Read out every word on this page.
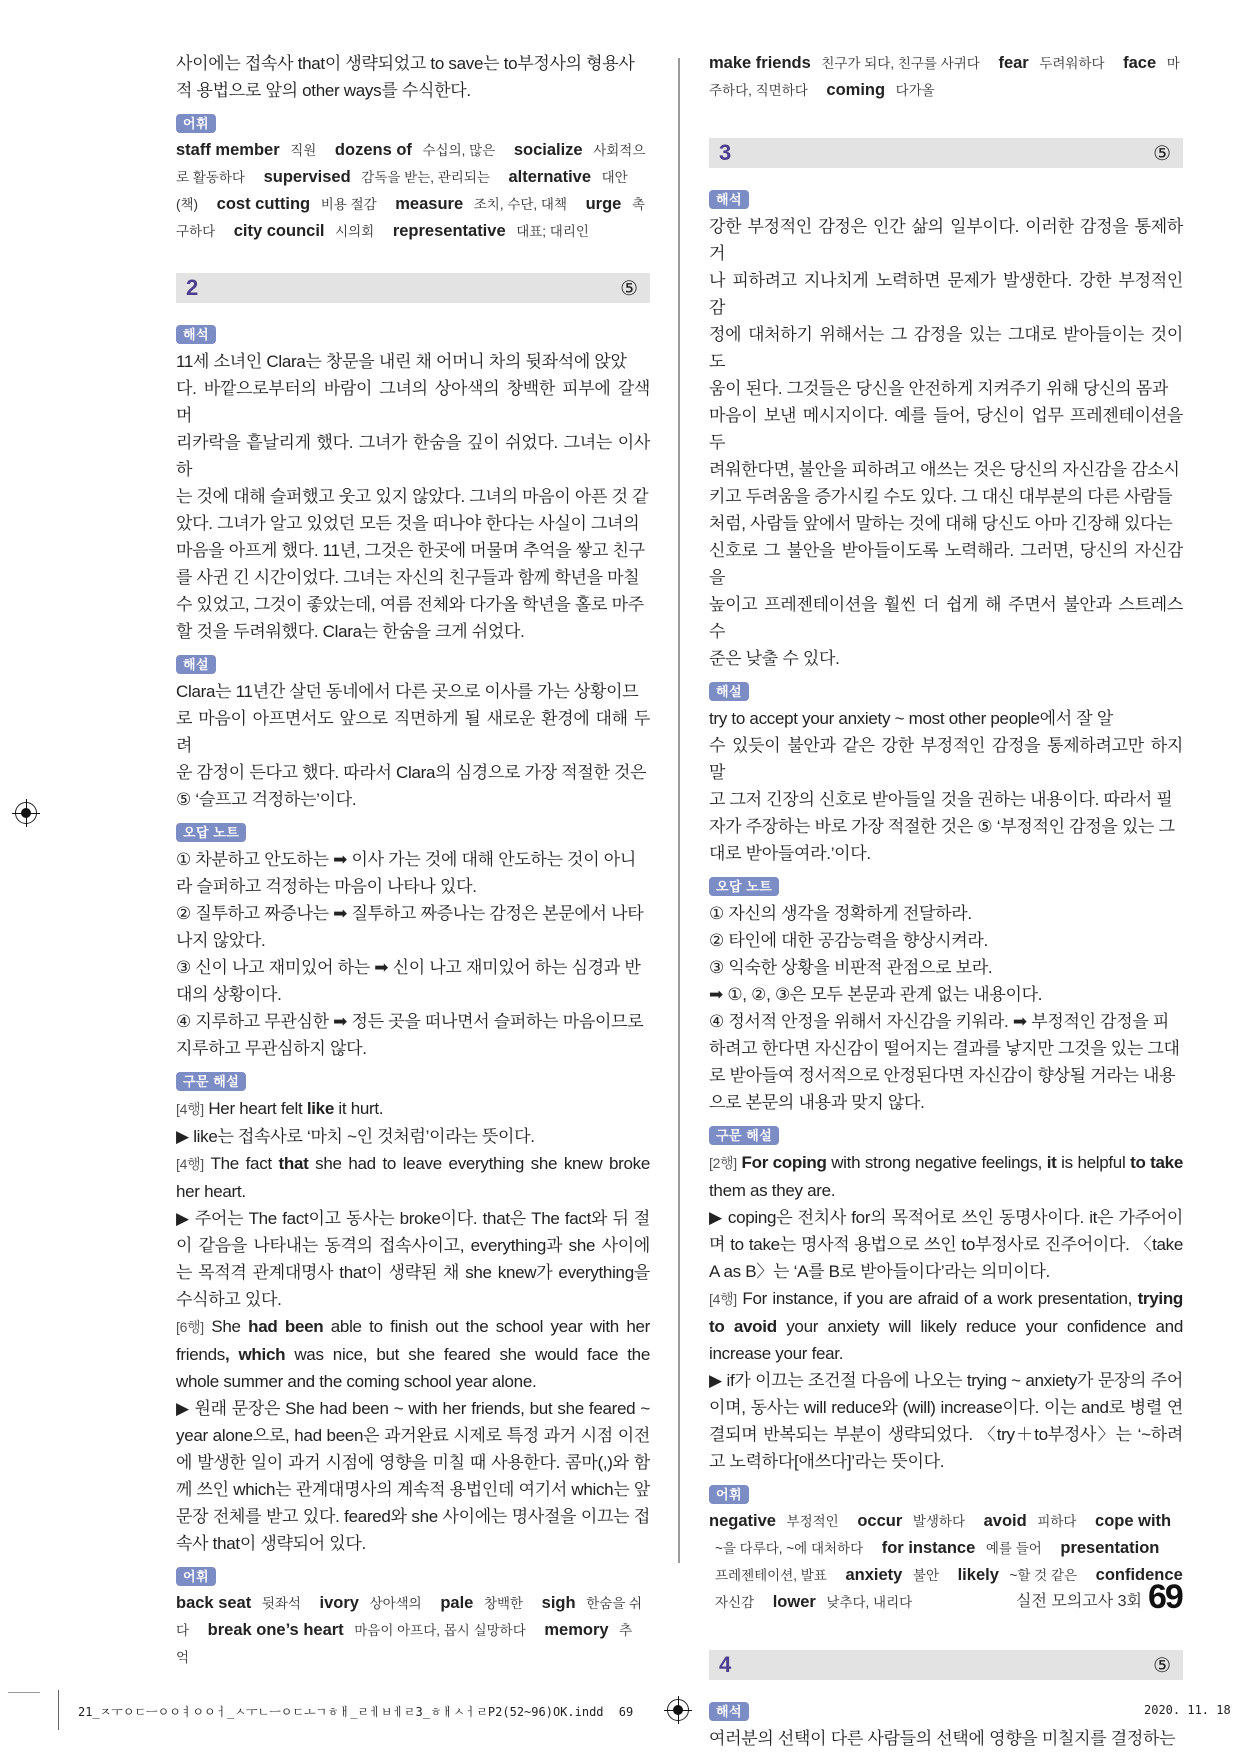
사이에는 접속사 that이 생략되었고 to save는 to부정사의 형용사
적 용법으로 앞의 other ways를 수식한다.
어휘
staff member 직원 dozens of 수십의, 많은 socialize 사회적으로 활동하다 supervised 감독을 받는, 관리되는 alternative 대안(책) cost cutting 비용 절감 measure 조치, 수단, 대책 urge 촉구하다 city council 시의회 representative 대표; 대리인
2	⑤
해석
11세 소녀인 Clara는 창문을 내린 채 어머니 차의 뒷좌석에 앉았
다. 바깥으로부터의 바람이 그녀의 상아색의 창백한 피부에 갈색 머
리카락을 흩날리게 했다. 그녀가 한숨을 깊이 쉬었다. 그녀는 이사하
는 것에 대해 슬퍼했고 웃고 있지 않았다. 그녀의 마음이 아픈 것 같
았다. 그녀가 알고 있었던 모든 것을 떠나야 한다는 사실이 그녀의
마음을 아프게 했다. 11년, 그것은 한곳에 머물며 추억을 쌓고 친구
를 사귄 긴 시간이었다. 그녀는 자신의 친구들과 함께 학년을 마칠
수 있었고, 그것이 좋았는데, 여름 전체와 다가올 학년을 홀로 마주
할 것을 두려워했다. Clara는 한숨을 크게 쉬었다.
해설
Clara는 11년간 살던 동네에서 다른 곳으로 이사를 가는 상황이므
로 마음이 아프면서도 앞으로 직면하게 될 새로운 환경에 대해 두려
운 감정이 든다고 했다. 따라서 Clara의 심경으로 가장 적절한 것은
⑤ ‘슬프고 걱정하는’이다.
오답 노트
① 차분하고 안도하는 ➡ 이사 가는 것에 대해 안도하는 것이 아니
라 슬퍼하고 걱정하는 마음이 나타나 있다.
② 질투하고 짜증나는 ➡ 질투하고 짜증나는 감정은 본문에서 나타
나지 않았다.
③ 신이 나고 재미있어 하는 ➡ 신이 나고 재미있어 하는 심경과 반
대의 상황이다.
④ 지루하고 무관심한 ➡ 정든 곳을 떠나면서 슬퍼하는 마음이므로
지루하고 무관심하지 않다.
구문 해설
[4행] Her heart felt like it hurt.
▶ like는 접속사로 ‘마치 ~인 것처럼’이라는 뜻이다.
[4행] The fact that she had to leave everything she knew broke her heart.
▶ 주어는 The fact이고 동사는 broke이다. that은 The fact와 뒤 절이 같음을 나타내는 동격의 접속사이고, everything과 she 사이에는 목적격 관계대명사 that이 생략된 채 she knew가 everything을 수식하고 있다.
[6행] She had been able to finish out the school year with her friends, which was nice, but she feared she would face the whole summer and the coming school year alone.
▶ 원래 문장은 She had been ~ with her friends, but she feared ~ year alone으로, had been은 과거완료 시제로 특정 과거 시점 이전에 발생한 일이 과거 시점에 영향을 미칠 때 사용한다. 콤마(,)와 함께 쓰인 which는 관계대명사의 계속적 용법인데 여기서 which는 앞 문장 전체를 받고 있다. feared와 she 사이에는 명사절을 이끄는 접속사 that이 생략되어 있다.
어휘
back seat 뒷좌석 ivory 상아색의 pale 창백한 sigh 한숨을 쉬다 break one’s heart 마음이 아프다, 몹시 실망하다 memory 추억
make friends 친구가 되다, 친구를 사귀다 fear 두려워하다 face 마주하다, 직면하다 coming 다가올
3	⑤
해석
강한 부정적인 감정은 인간 삶의 일부이다. 이러한 감정을 통제하거
나 피하려고 지나치게 노력하면 문제가 발생한다. 강한 부정적인 감
정에 대처하기 위해서는 그 감정을 있는 그대로 받아들이는 것이 도
움이 된다. 그것들은 당신을 안전하게 지켜주기 위해 당신의 몸과
마음이 보낸 메시지이다. 예를 들어, 당신이 업무 프레젠테이션을 두
려워한다면, 불안을 피하려고 애쓰는 것은 당신의 자신감을 감소시
키고 두려움을 증가시킬 수도 있다. 그 대신 대부분의 다른 사람들
처럼, 사람들 앞에서 말하는 것에 대해 당신도 아마 긴장해 있다는
신호로 그 불안을 받아들이도록 노력해라. 그러면, 당신의 자신감을
높이고 프레젠테이션을 훨씬 더 쉽게 해 주면서 불안과 스트레스 수
준은 낮출 수 있다.
해설
try to accept your anxiety ~ most other people에서 잘 알
수 있듯이 불안과 같은 강한 부정적인 감정을 통제하려고만 하지 말
고 그저 긴장의 신호로 받아들일 것을 권하는 내용이다. 따라서 필
자가 주장하는 바로 가장 적절한 것은 ⑤ ‘부정적인 감정을 있는 그
대로 받아들여라.’이다.
오답 노트
① 자신의 생각을 정확하게 전달하라.
② 타인에 대한 공감능력을 향상시켜라.
③ 익숙한 상황을 비판적 관점으로 보라.
➡ ①, ②, ③은 모두 본문과 관계 없는 내용이다.
④ 정서적 안정을 위해서 자신감을 키워라. ➡ 부정적인 감정을 피
하려고 한다면 자신감이 떨어지는 결과를 낳지만 그것을 있는 그대
로 받아들여 정서적으로 안정된다면 자신감이 향상될 거라는 내용
으로 본문의 내용과 맞지 않다.
구문 해설
[2행] For coping with strong negative feelings, it is helpful to take them as they are.
▶ coping은 전치사 for의 목적어로 쓰인 동명사이다. it은 가주어이며 to take는 명사적 용법으로 쓰인 to부정사로 진주어이다. 〈take A as B〉는 ‘A를 B로 받아들이다’라는 의미이다.
[4행] For instance, if you are afraid of a work presentation, trying to avoid your anxiety will likely reduce your confidence and increase your fear.
▶ if가 이끄는 조건절 다음에 나오는 trying ~ anxiety가 문장의 주어이며, 동사는 will reduce와 (will) increase이다. 이는 and로 병렬 연결되며 반복되는 부분이 생략되었다. 〈try＋to부정사〉는 ‘~하려고 노력하다[애쓰다]’라는 뜻이다.
어휘
negative 부정적인 occur 발생하다 avoid 피하다 cope with ~을 다루다, ~에 대처하다 for instance 예를 들어 presentation 프레젠테이션, 발표 anxiety 불안 likely ~할 것 같은 confidence 자신감 lower 낮추다, 내리다
4	⑤
해석
여러분의 선택이 다른 사람들의 선택에 영향을 미칠지를 결정하는
실전 모의고사 3회 69
21_ㅈㅜㅇㄷㅡㅇㅇㅕㅇㅇㅓ_ㅅㅜㄴㅡㅇㄷㅗㄱㅎㅐ_ㄹㅔㅂㅔㄹ3_ㅎㅐㅅㅓㄹP2(52~96)OK.indd 69	2020. 11. 18
